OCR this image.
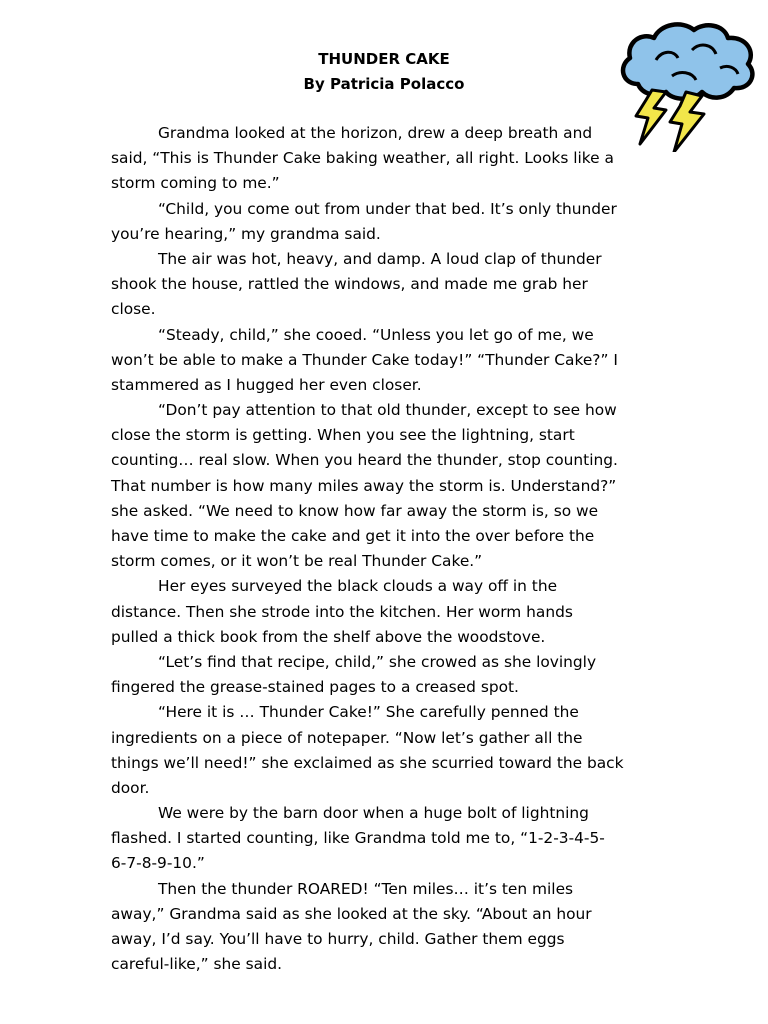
THUNDER CAKE
By Patricia Polacco
Grandma looked at the horizon, drew a deep breath and
said, “This is Thunder Cake baking weather, all right. Looks like a
storm coming to me.”
“Child, you come out from under that bed. It’s only thunder
you’re hearing,” my grandma said.
The air was hot, heavy, and damp. A loud clap of thunder
shook the house, rattled the windows, and made me grab her
close.
“Steady, child,” she cooed. “Unless you let go of me, we
won’t be able to make a Thunder Cake today!” “Thunder Cake?” I
stammered as I hugged her even closer.
“Don’t pay attention to that old thunder, except to see how
close the storm is getting. When you see the lightning, start
counting… real slow. When you heard the thunder, stop counting.
That number is how many miles away the storm is. Understand?”
she asked. “We need to know how far away the storm is, so we
have time to make the cake and get it into the over before the
storm comes, or it won’t be real Thunder Cake.”
Her eyes surveyed the black clouds a way off in the
distance. Then she strode into the kitchen. Her worm hands
pulled a thick book from the shelf above the woodstove.
“Let’s find that recipe, child,” she crowed as she lovingly
fingered the grease-stained pages to a creased spot.
“Here it is … Thunder Cake!” She carefully penned the
ingredients on a piece of notepaper. “Now let’s gather all the
things we’ll need!” she exclaimed as she scurried toward the back
door.
We were by the barn door when a huge bolt of lightning
flashed. I started counting, like Grandma told me to, “1-2-3-4-5-
6-7-8-9-10.”
Then the thunder ROARED! “Ten miles… it’s ten miles
away,” Grandma said as she looked at the sky. “About an hour
away, I’d say. You’ll have to hurry, child. Gather them eggs
careful-like,” she said.
